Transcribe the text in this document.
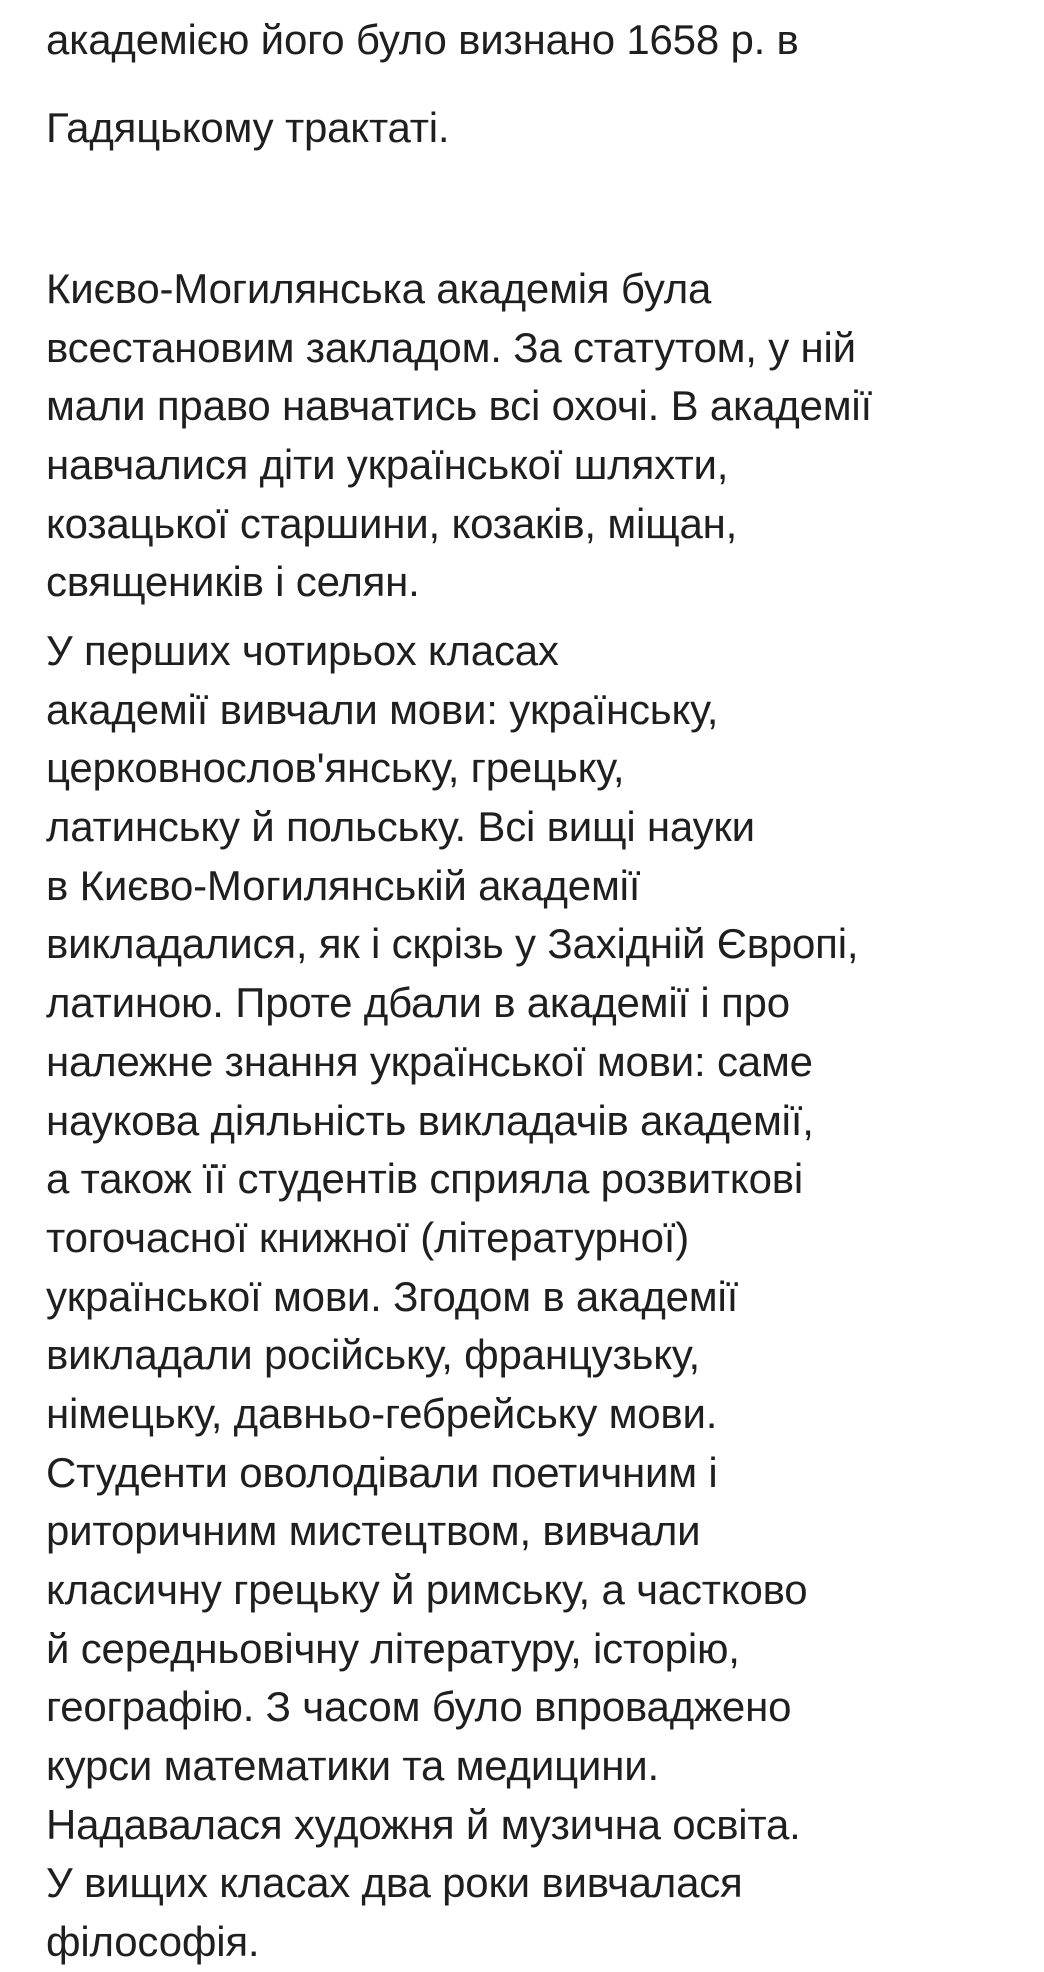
академією його було визнано 1658 р. в
Гадяцькому трактаті.
Києво-Могилянська академія була
всестановим закладом. За статутом, у ній
мали право навчатись всі охочі. В академії
навчалися діти української шляхти,
козацької старшини, козаків, міщан,
священиків і селян.
У перших чотирьох класах
академії вивчали мови: українську,
церковнослов'янську, грецьку,
латинську й польську. Всі вищі науки
в Києво-Могилянській академії
викладалися, як і скрізь у Західній Європі,
латиною. Проте дбали в академії і про
належне знання української мови: саме
наукова діяльність викладачів академії,
а також її студентів сприяла розвиткові
тогочасної книжної (літературної)
української мови. Згодом в академії
викладали російську, французьку,
німецьку, давньо-гебрейську мови.
Студенти оволодівали поетичним і
риторичним мистецтвом, вивчали
класичну грецьку й римську, а частково
й середньовічну літературу, історію,
географію. З часом було впроваджено
курси математики та медицини.
Надавалася художня й музична освіта.
У вищих класах два роки вивчалася
філософія.
